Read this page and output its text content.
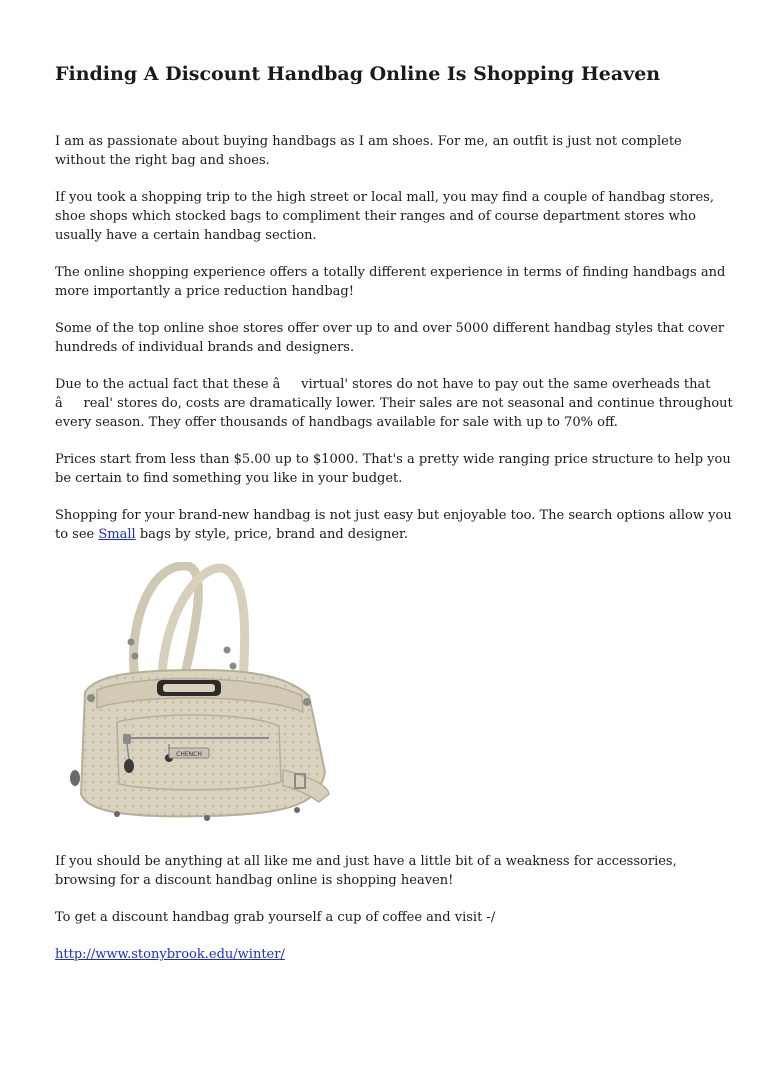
Finding A Discount Handbag Online Is Shopping Heaven

I am as passionate about buying handbags as I am shoes. For me, an outfit is just not complete without the right bag and shoes.

If you took a shopping trip to the high street or local mall, you may find a couple of handbag stores, shoe shops which stocked bags to compliment their ranges and of course department stores who usually have a certain handbag section.

The online shopping experience offers a totally different experience in terms of finding handbags and more importantly a price reduction handbag!

Some of the top online shoe stores offer over up to and over 5000 different handbag styles that cover hundreds of individual brands and designers.

Due to the actual fact that these âvirtual' stores do not have to pay out the same overheads that âreal' stores do, costs are dramatically lower. Their sales are not seasonal and continue throughout every season. They offer thousands of handbags available for sale with up to 70% off.

Prices start from less than $5.00 up to $1000. That's a pretty wide ranging price structure to help you be certain to find something you like in your budget.

Shopping for your brand-new handbag is not just easy but enjoyable too. The search options allow you to see Small bags by style, price, brand and designer.

CHENCH

If you should be anything at all like me and just have a little bit of a weakness for accessories, browsing for a discount handbag online is shopping heaven!

To get a discount handbag grab yourself a cup of coffee and visit -/

http://www.stonybrook.edu/winter/
